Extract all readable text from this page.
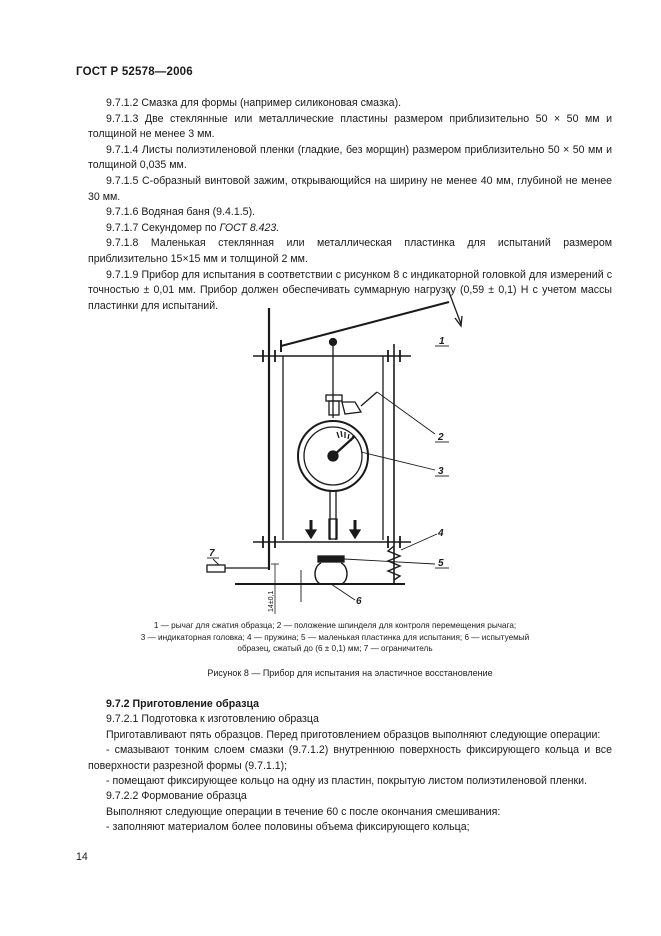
ГОСТ Р 52578—2006

9.7.1.2 Смазка для формы (например силиконовая смазка).

9.7.1.3 Две стеклянные или металлические пластины размером приблизительно 50 × 50 мм и толщиной не менее 3 мм.

9.7.1.4 Листы полиэтиленовой пленки (гладкие, без морщин) размером приблизительно 50 × 50 мм и толщиной 0,035 мм.

9.7.1.5 С-образный винтовой зажим, открывающийся на ширину не менее 40 мм, глубиной не менее 30 мм.

9.7.1.6 Водяная баня (9.4.1.5).

9.7.1.7 Секундомер по ГОСТ 8.423.

9.7.1.8 Маленькая стеклянная или металлическая пластинка для испытаний размером приблизительно 15×15 мм и толщиной 2 мм.

9.7.1.9 Прибор для испытания в соответствии с рисунком 8 с индикаторной головкой для измерений с точностью ± 0,01 мм. Прибор должен обеспечивать суммарную нагрузку (0,59 ± 0,1) Н с учетом массы пластинки для испытаний.

1
2
3
4
5
6
7
14±0,1
1 — рычаг для сжатия образца; 2 — положение шпинделя для контроля перемещения рычага;
3 — индикаторная головка; 4 — пружина; 5 — маленькая пластинка для испытания; 6 — испытуемый
образец, сжатый до (6 ± 0,1) мм; 7 — ограничитель
Рисунок 8 — Прибор для испытания на эластичное восстановление

9.7.2 Приготовление образца

9.7.2.1 Подготовка к изготовлению образца

Приготавливают пять образцов. Перед приготовлением образцов выполняют следующие операции:

- смазывают тонким слоем смазки (9.7.1.2) внутреннюю поверхность фиксирующего кольца и все поверхности разрезной формы (9.7.1.1);

- помещают фиксирующее кольцо на одну из пластин, покрытую листом полиэтиленовой пленки.

9.7.2.2 Формование образца

Выполняют следующие операции в течение 60 с после окончания смешивания:

- заполняют материалом более половины объема фиксирующего кольца;

14
